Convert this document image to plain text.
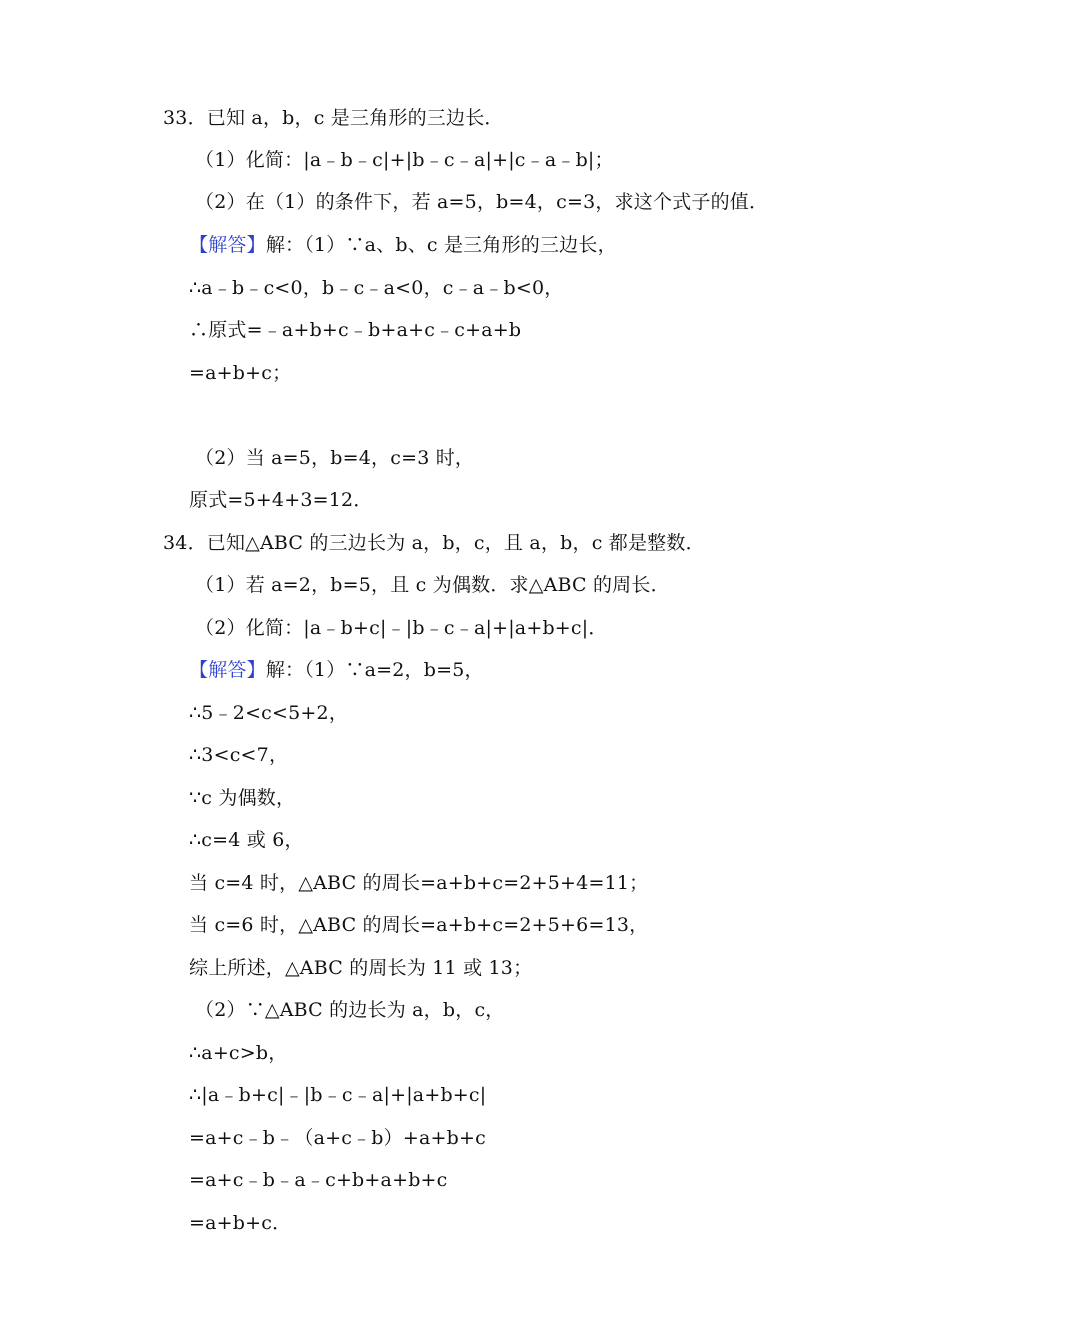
33．已知 a，b，c 是三角形的三边长．
（1）化简：|a﹣b﹣c|+|b﹣c﹣a|+|c﹣a﹣b|；
（2）在（1）的条件下，若 a=5，b=4，c=3，求这个式子的值．
【解答】解：（1）∵a、b、c 是三角形的三边长，
∴a﹣b﹣c<0，b﹣c﹣a<0，c﹣a﹣b<0，
∴原式=﹣a+b+c﹣b+a+c﹣c+a+b
=a+b+c；
（2）当 a=5，b=4，c=3 时，
原式=5+4+3=12．
34．已知△ABC 的三边长为 a，b，c，且 a，b，c 都是整数．
（1）若 a=2，b=5，且 c 为偶数．求△ABC 的周长．
（2）化简：|a﹣b+c|﹣|b﹣c﹣a|+|a+b+c|．
【解答】解：（1）∵a=2，b=5，
∴5﹣2<c<5+2，
∴3<c<7，
∵c 为偶数，
∴c=4 或 6，
当 c=4 时，△ABC 的周长=a+b+c=2+5+4=11；
当 c=6 时，△ABC 的周长=a+b+c=2+5+6=13，
综上所述，△ABC 的周长为 11 或 13；
（2）∵△ABC 的边长为 a，b，c，
∴a+c>b，
∴|a﹣b+c|﹣|b﹣c﹣a|+|a+b+c|
=a+c﹣b﹣（a+c﹣b）+a+b+c
=a+c﹣b﹣a﹣c+b+a+b+c
=a+b+c．
